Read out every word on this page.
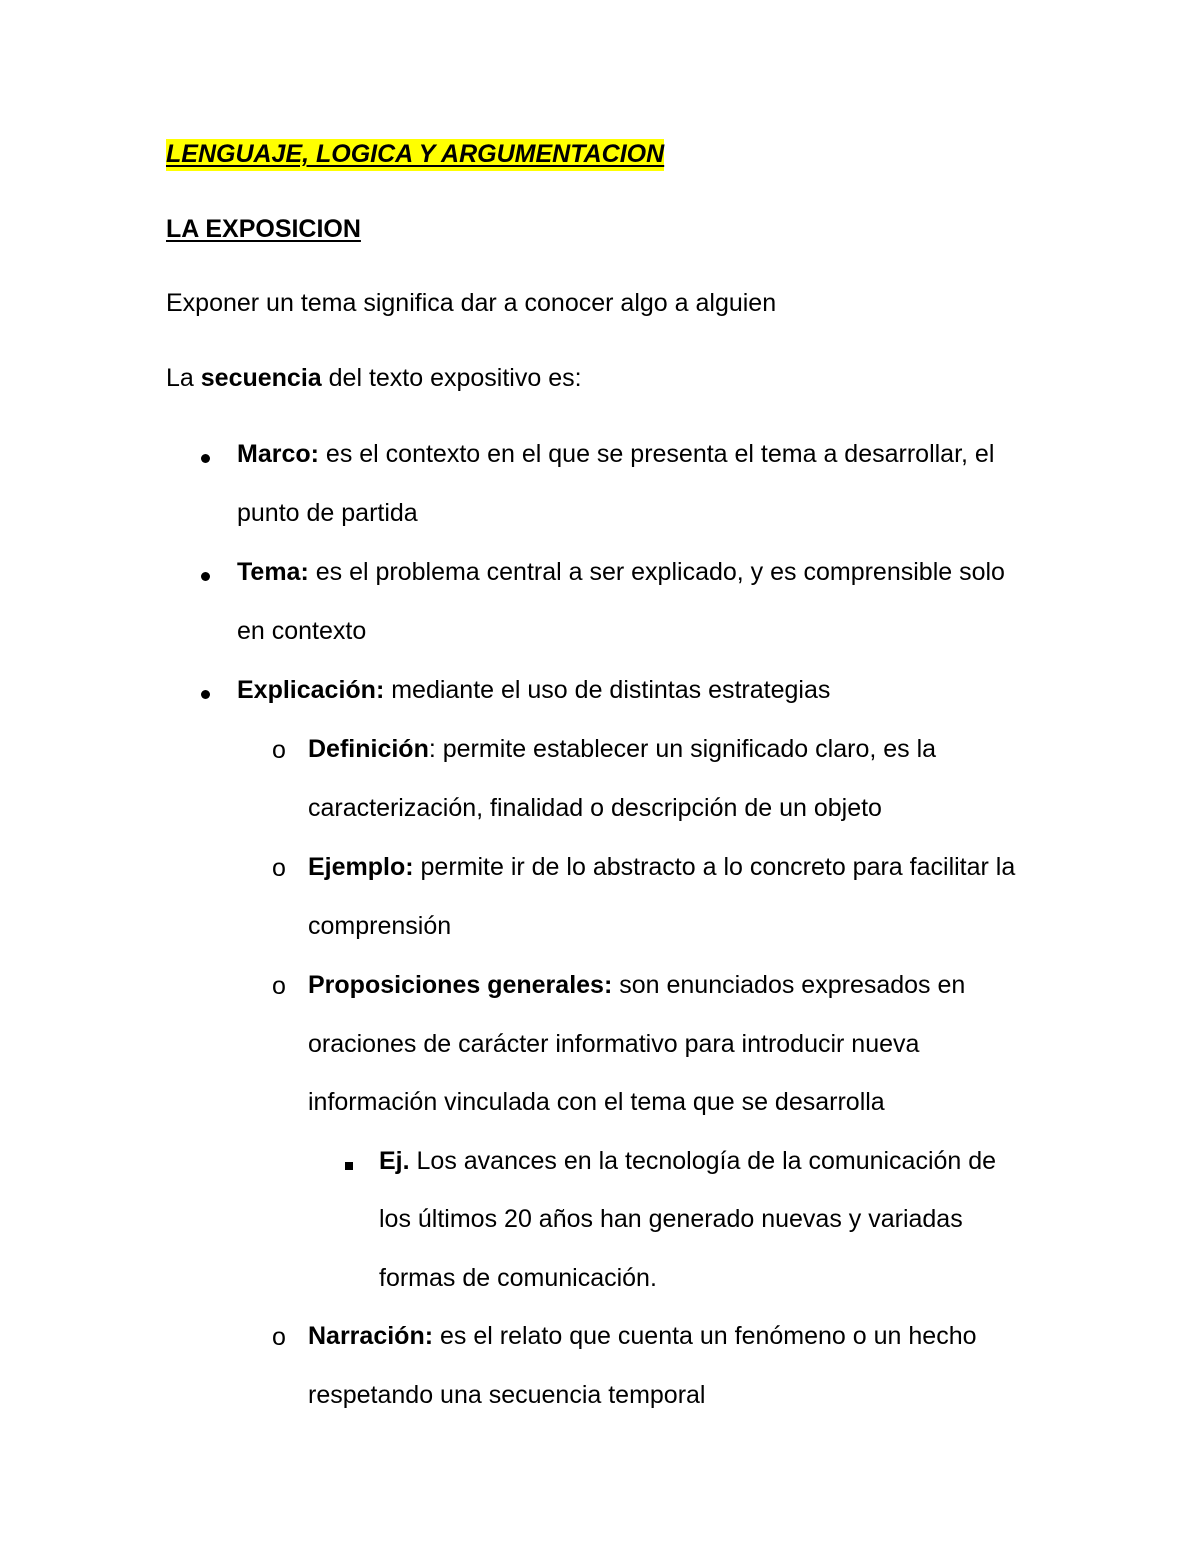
LENGUAJE, LOGICA Y ARGUMENTACION
LA EXPOSICION
Exponer un tema significa dar a conocer algo a alguien
La secuencia del texto expositivo es:
Marco: es el contexto en el que se presenta el tema a desarrollar, el
punto de partida
Tema: es el problema central a ser explicado, y es comprensible solo
en contexto
Explicación: mediante el uso de distintas estrategias
o Definición: permite establecer un significado claro, es la
caracterización, finalidad o descripción de un objeto
o Ejemplo: permite ir de lo abstracto a lo concreto para facilitar la
comprensión
o Proposiciones generales: son enunciados expresados en
oraciones de carácter informativo para introducir nueva
información vinculada con el tema que se desarrolla
Ej. Los avances en la tecnología de la comunicación de
los últimos 20 años han generado nuevas y variadas
formas de comunicación.
o Narración: es el relato que cuenta un fenómeno o un hecho
respetando una secuencia temporal
